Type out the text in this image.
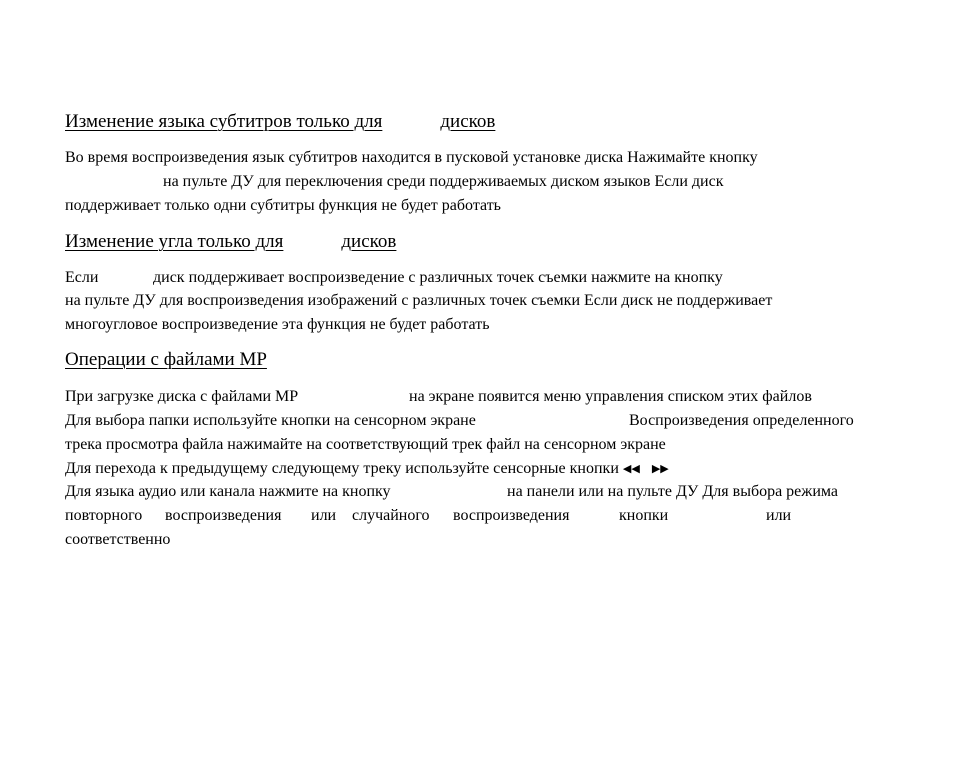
Изменение языка субтитров только для	дисков
Во время воспроизведения язык субтитров находится в пусковой установке диска Нажимайте кнопку
на пульте ДУ для переключения среди поддерживаемых диском языков Если диск
поддерживает только одни субтитры функция не будет работать
Изменение угла только для	дисков
Если	диск поддерживает воспроизведение с различных точек съемки нажмите на кнопку
на пульте ДУ для воспроизведения изображений с различных точек съемки Если диск не поддерживает
многоугловое воспроизведение эта функция не будет работать
Операции с файлами МР
При загрузке диска с файлами МР	на экране появится меню управления списком этих файлов
Для выбора папки используйте кнопки на сенсорном экране	Воспроизведения определенного
трека просмотра файла нажимайте на соответствующий трек файл на сенсорном экране
Для перехода к предыдущему следующему треку используйте сенсорные кнопки ◀◀ ▶▶
Для языка аудио или канала нажмите на кнопку	на панели или на пульте ДУ Для выбора режима
повторного воспроизведения или случайного воспроизведения	кнопки	или
соответственно
